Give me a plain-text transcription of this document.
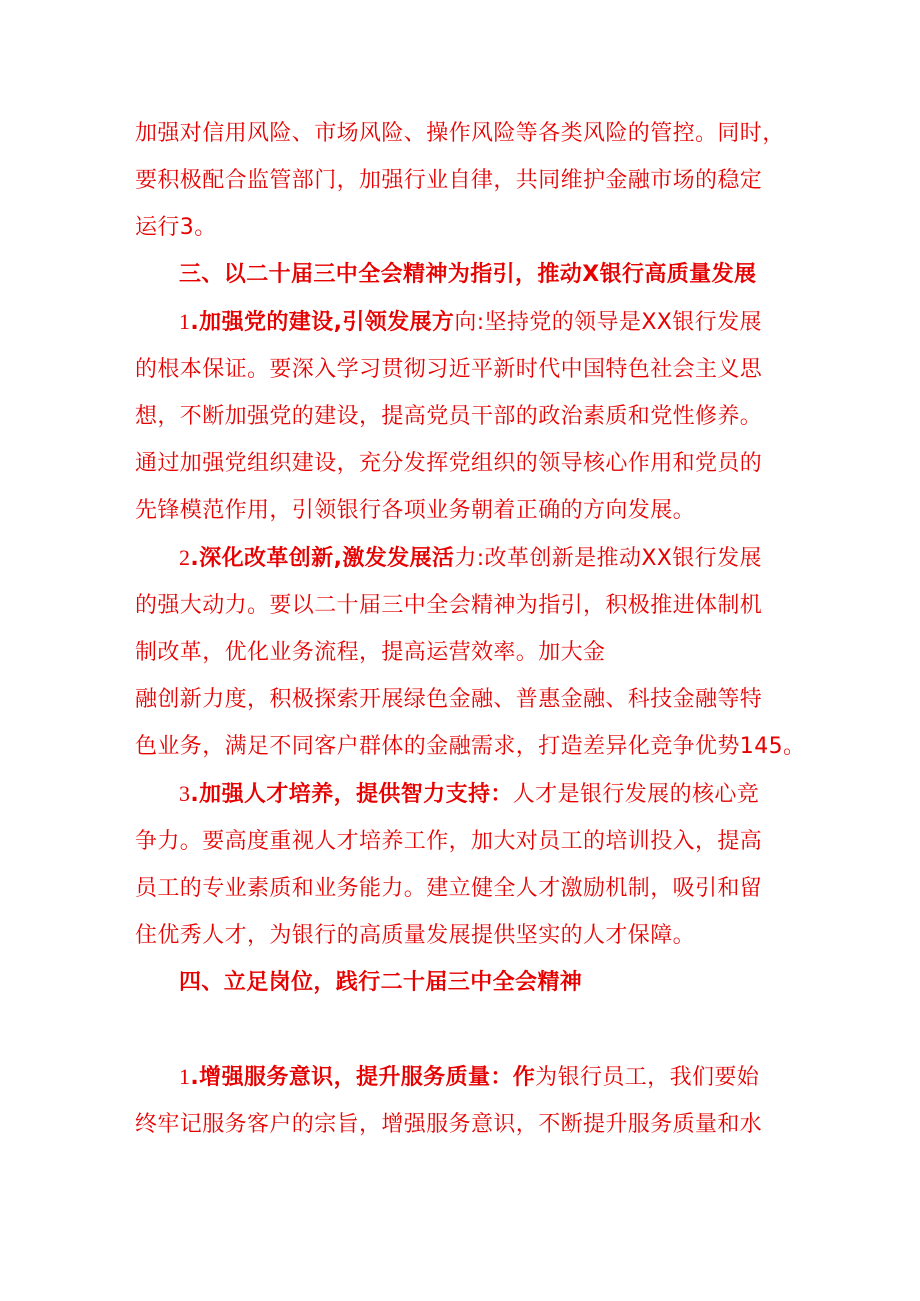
加强对信用风险、市场风险、操作风险等各类风险的管控。同时，
要积极配合监管部门，加强行业自律，共同维护金融市场的稳定
运行3。

三、以二十届三中全会精神为指引，推动X银行高质量发展

1.加强党的建设,引领发展方向:坚持党的领导是XX银行发展
的根本保证。要深入学习贯彻习近平新时代中国特色社会主义思
想，不断加强党的建设，提高党员干部的政治素质和党性修养。
通过加强党组织建设，充分发挥党组织的领导核心作用和党员的
先锋模范作用，引领银行各项业务朝着正确的方向发展。

2.深化改革创新,激发发展活力:改革创新是推动XX银行发展
的强大动力。要以二十届三中全会精神为指引，积极推进体制机
制改革，优化业务流程，提高运营效率。加大金
融创新力度，积极探索开展绿色金融、普惠金融、科技金融等特
色业务，满足不同客户群体的金融需求，打造差异化竞争优势145。

3.加强人才培养，提供智力支持：人才是银行发展的核心竞
争力。要高度重视人才培养工作，加大对员工的培训投入，提高
员工的专业素质和业务能力。建立健全人才激励机制，吸引和留
住优秀人才，为银行的高质量发展提供坚实的人才保障。

四、立足岗位，践行二十届三中全会精神

1.增强服务意识，提升服务质量：作为银行员工，我们要始
终牢记服务客户的宗旨，增强服务意识，不断提升服务质量和水
